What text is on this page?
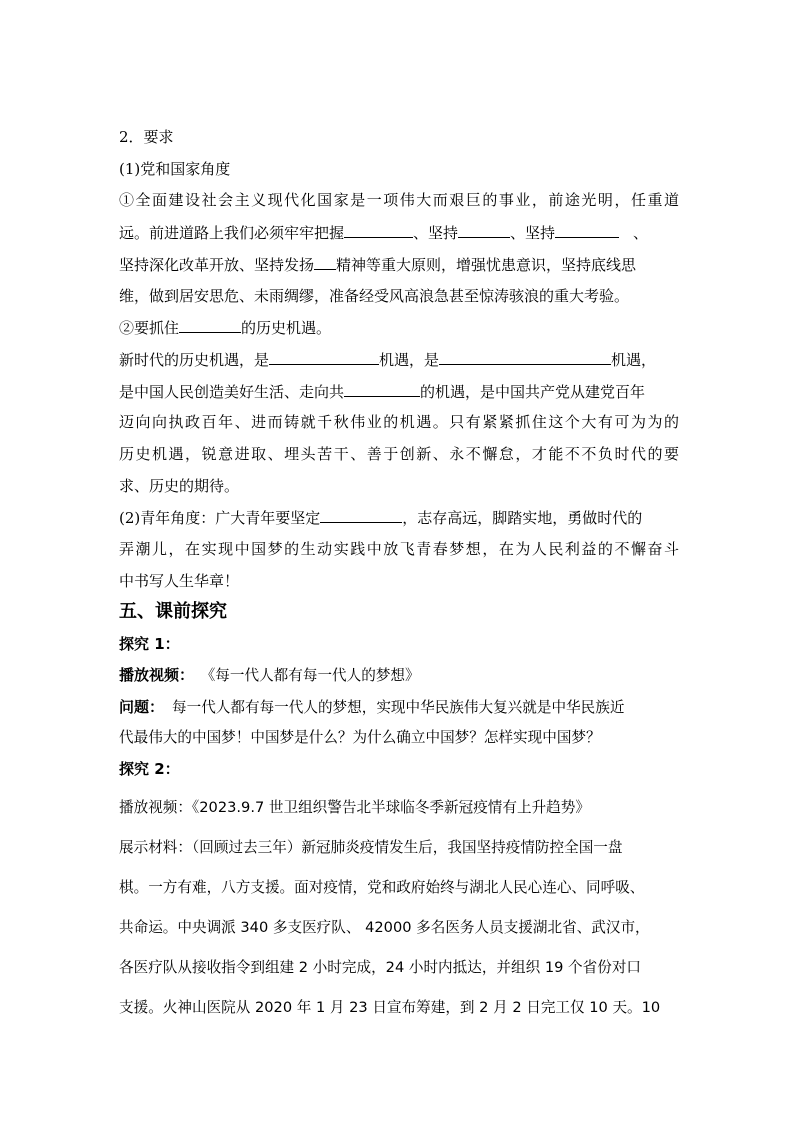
2．要求
(1)党和国家角度
①全面建设社会主义现代化国家是一项伟大而艰巨的事业，前途光明，任重道
远。前进道路上我们必须牢牢把握	、坚持	、坚持	、
坚持深化改革开放、坚持发扬 精神等重大原则，增强忧患意识，坚持底线思
维，做到居安思危、未雨绸缪，准备经受风高浪急甚至惊涛骇浪的重大考验。
②要抓住	的历史机遇。
新时代的历史机遇，是	机遇，是	机遇，
是中国人民创造美好生活、走向共	的机遇，是中国共产党从建党百年
迈向向执政百年、进而铸就千秋伟业的机遇。只有紧紧抓住这个大有可为为的
历史机遇，锐意进取、埋头苦干、善于创新、永不懈怠，才能不不负时代的要
求、历史的期待。
(2)青年角度：广大青年要坚定	，志存高远，脚踏实地，勇做时代的
弄潮儿，在实现中国梦的生动实践中放飞青春梦想，在为人民利益的不懈奋斗
中书写人生华章！
五、课前探究
探究 1：
播放视频： 《每一代人都有每一代人的梦想》
问题： 每一代人都有每一代人的梦想，实现中华民族伟大复兴就是中华民族近
代最伟大的中国梦！中国梦是什么？为什么确立中国梦？怎样实现中国梦？
探究 2：
播放视频：《2023.9.7 世卫组织警告北半球临冬季新冠疫情有上升趋势》
展示材料：（回顾过去三年）新冠肺炎疫情发生后，我国坚持疫情防控全国一盘
棋。一方有难，八方支援。面对疫情，党和政府始终与湖北人民心连心、同呼吸、
共命运。中央调派 340 多支医疗队、 42000 多名医务人员支援湖北省、武汉市，
各医疗队从接收指令到组建 2 小时完成，24 小时内抵达，并组织 19 个省份对口
支援。火神山医院从 2020 年 1 月 23 日宣布筹建，到 2 月 2 日完工仅 10 天。10
